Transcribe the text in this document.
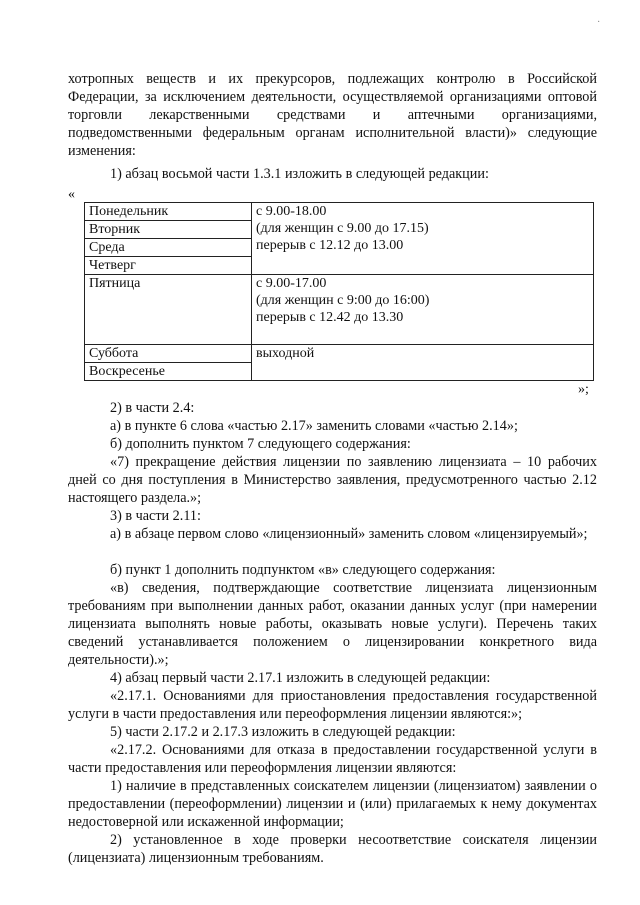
·

хотропных веществ и их прекурсоров, подлежащих контролю в Российской Федерации, за исключением деятельности, осуществляемой организациями оптовой торговли лекарственными средствами и аптечными организациями, подведомственными федеральным органам исполнительной власти)» следующие изменения:

1) абзац восьмой части 1.3.1 изложить в следующей редакции:

«
Понедельник	с 9.00-18.00
(для женщин с 9.00 до 17.15)
перерыв с 12.12 до 13.00

Вторник	
Среда	
Четверг	
Пятница	с 9.00-17.00
(для женщин с 9:00 до 16:00)
перерыв с 12.42 до 13.30

Суббота	выходной
Воскресенье	
»;

2) в части 2.4:

а) в пункте 6 слова «частью 2.17» заменить словами «частью 2.14»;

б) дополнить пунктом 7 следующего содержания:

«7) прекращение действия лицензии по заявлению лицензиата – 10 рабочих дней со дня поступления в Министерство заявления, предусмотренного частью 2.12 настоящего раздела.»;

3) в части 2.11:

а) в абзаце первом слово «лицензионный» заменить словом «лицензируемый»;

б) пункт 1 дополнить подпунктом «в» следующего содержания:

«в) сведения, подтверждающие соответствие лицензиата лицензионным требованиям при выполнении данных работ, оказании данных услуг (при намерении лицензиата выполнять новые работы, оказывать новые услуги). Перечень таких сведений устанавливается положением о лицензировании конкретного вида деятельности).»;

4) абзац первый части 2.17.1 изложить в следующей редакции:

«2.17.1. Основаниями для приостановления предоставления государственной услуги в части предоставления или переоформления лицензии являются:»;

5) части 2.17.2 и 2.17.3 изложить в следующей редакции:

«2.17.2. Основаниями для отказа в предоставлении государственной услуги в части предоставления или переоформления лицензии являются:

1) наличие в представленных соискателем лицензии (лицензиатом) заявлении о предоставлении (переоформлении) лицензии и (или) прилагаемых к нему документах недостоверной или искаженной информации;

2) установленное в ходе проверки несоответствие соискателя лицензии (лицензиата) лицензионным требованиям.
